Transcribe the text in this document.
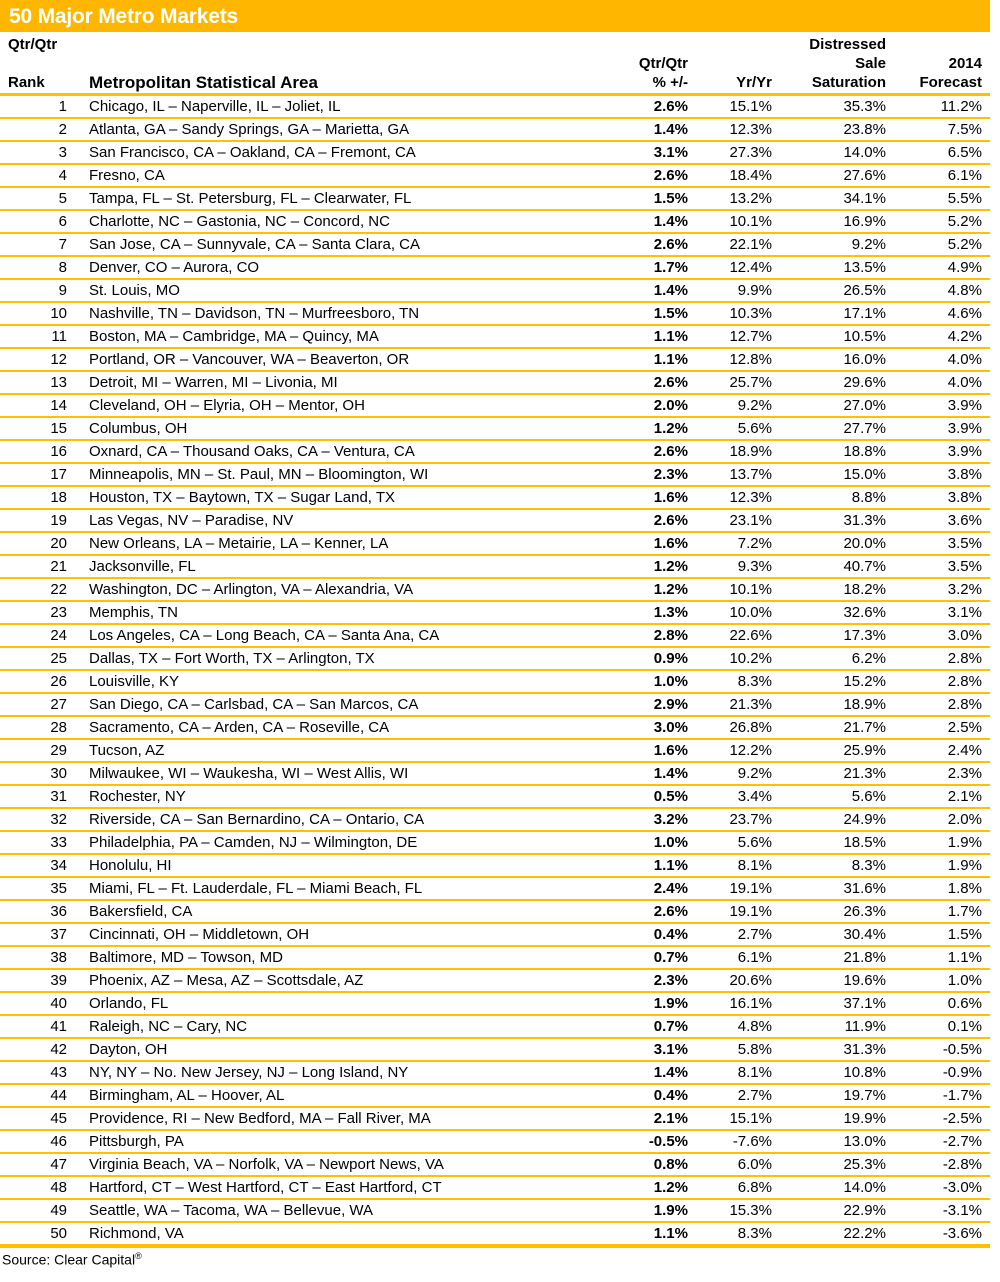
50 Major Metro Markets
Qtr/Qtr				Distressed	
		Qtr/Qtr		Sale	2014
Rank	Metropolitan Statistical Area	% +/-	Yr/Yr	Saturation	Forecast
1	Chicago, IL – Naperville, IL – Joliet, IL	2.6%	15.1%	35.3%	11.2%
2	Atlanta, GA – Sandy Springs, GA – Marietta, GA	1.4%	12.3%	23.8%	7.5%
3	San Francisco, CA – Oakland, CA – Fremont, CA	3.1%	27.3%	14.0%	6.5%
4	Fresno, CA	2.6%	18.4%	27.6%	6.1%
5	Tampa, FL – St. Petersburg, FL – Clearwater, FL	1.5%	13.2%	34.1%	5.5%
6	Charlotte, NC – Gastonia, NC – Concord, NC	1.4%	10.1%	16.9%	5.2%
7	San Jose, CA – Sunnyvale, CA – Santa Clara, CA	2.6%	22.1%	9.2%	5.2%
8	Denver, CO – Aurora, CO	1.7%	12.4%	13.5%	4.9%
9	St. Louis, MO	1.4%	9.9%	26.5%	4.8%
10	Nashville, TN – Davidson, TN – Murfreesboro, TN	1.5%	10.3%	17.1%	4.6%
11	Boston, MA – Cambridge, MA – Quincy, MA	1.1%	12.7%	10.5%	4.2%
12	Portland, OR – Vancouver, WA – Beaverton, OR	1.1%	12.8%	16.0%	4.0%
13	Detroit, MI – Warren, MI – Livonia, MI	2.6%	25.7%	29.6%	4.0%
14	Cleveland, OH – Elyria, OH – Mentor, OH	2.0%	9.2%	27.0%	3.9%
15	Columbus, OH	1.2%	5.6%	27.7%	3.9%
16	Oxnard, CA – Thousand Oaks, CA – Ventura, CA	2.6%	18.9%	18.8%	3.9%
17	Minneapolis, MN – St. Paul, MN – Bloomington, WI	2.3%	13.7%	15.0%	3.8%
18	Houston, TX – Baytown, TX – Sugar Land, TX	1.6%	12.3%	8.8%	3.8%
19	Las Vegas, NV – Paradise, NV	2.6%	23.1%	31.3%	3.6%
20	New Orleans, LA – Metairie, LA – Kenner, LA	1.6%	7.2%	20.0%	3.5%
21	Jacksonville, FL	1.2%	9.3%	40.7%	3.5%
22	Washington, DC – Arlington, VA – Alexandria, VA	1.2%	10.1%	18.2%	3.2%
23	Memphis, TN	1.3%	10.0%	32.6%	3.1%
24	Los Angeles, CA – Long Beach, CA – Santa Ana, CA	2.8%	22.6%	17.3%	3.0%
25	Dallas, TX – Fort Worth, TX – Arlington, TX	0.9%	10.2%	6.2%	2.8%
26	Louisville, KY	1.0%	8.3%	15.2%	2.8%
27	San Diego, CA – Carlsbad, CA – San Marcos, CA	2.9%	21.3%	18.9%	2.8%
28	Sacramento, CA – Arden, CA – Roseville, CA	3.0%	26.8%	21.7%	2.5%
29	Tucson, AZ	1.6%	12.2%	25.9%	2.4%
30	Milwaukee, WI – Waukesha, WI – West Allis, WI	1.4%	9.2%	21.3%	2.3%
31	Rochester, NY	0.5%	3.4%	5.6%	2.1%
32	Riverside, CA – San Bernardino, CA – Ontario, CA	3.2%	23.7%	24.9%	2.0%
33	Philadelphia, PA – Camden, NJ – Wilmington, DE	1.0%	5.6%	18.5%	1.9%
34	Honolulu, HI	1.1%	8.1%	8.3%	1.9%
35	Miami, FL – Ft. Lauderdale, FL – Miami Beach, FL	2.4%	19.1%	31.6%	1.8%
36	Bakersfield, CA	2.6%	19.1%	26.3%	1.7%
37	Cincinnati, OH – Middletown, OH	0.4%	2.7%	30.4%	1.5%
38	Baltimore, MD – Towson, MD	0.7%	6.1%	21.8%	1.1%
39	Phoenix, AZ – Mesa, AZ – Scottsdale, AZ	2.3%	20.6%	19.6%	1.0%
40	Orlando, FL	1.9%	16.1%	37.1%	0.6%
41	Raleigh, NC – Cary, NC	0.7%	4.8%	11.9%	0.1%
42	Dayton, OH	3.1%	5.8%	31.3%	-0.5%
43	NY, NY – No. New Jersey, NJ – Long Island, NY	1.4%	8.1%	10.8%	-0.9%
44	Birmingham, AL – Hoover, AL	0.4%	2.7%	19.7%	-1.7%
45	Providence, RI – New Bedford, MA – Fall River, MA	2.1%	15.1%	19.9%	-2.5%
46	Pittsburgh, PA	-0.5%	-7.6%	13.0%	-2.7%
47	Virginia Beach, VA – Norfolk, VA – Newport News, VA	0.8%	6.0%	25.3%	-2.8%
48	Hartford, CT – West Hartford, CT – East Hartford, CT	1.2%	6.8%	14.0%	-3.0%
49	Seattle, WA – Tacoma, WA – Bellevue, WA	1.9%	15.3%	22.9%	-3.1%
50	Richmond, VA	1.1%	8.3%	22.2%	-3.6%
Source: Clear Capital®
